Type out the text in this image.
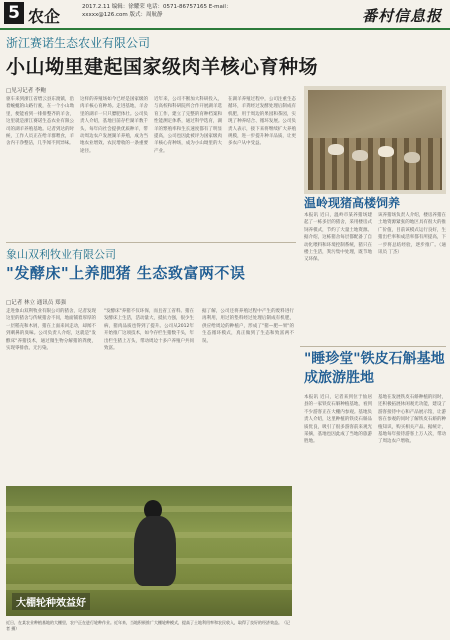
5 农企	2017.2.11 编辑：徐耀荣 电话：0571-86757165 E-mail：xxxxx@126.com 版式：周航静	番村信息报
浙江赛诺生态农业有限公司
小山坳里建起国家级肉羊核心育种场
□见习记者 李鲍
驱车来到浙江省缙云县东渡镇，沿着蜿蜒的山路行驶，在一个小山坳里，便能看到一排排整齐的羊舍，这里就是浙江赛诺生态农业有限公司的湖羊养殖基地。记者到达的时候，工作人员正在给羊群喂食，羊舍内干净整洁，几乎闻不到异味。
这样的养殖场如今已经是国家级的肉羊核心育种场。走进基地，羊舍里的湖羊一只只膘肥体壮。公司负责人介绍，基地目前存栏湖羊数千头，每年向社会提供优质种羊，带动周边农户发展湖羊养殖，成为当地农业增效、农民增收的一条重要途径。
近年来，公司不断加大科研投入，与高校和科研院所合作开展湖羊选育工作，建立了完整的育种档案和性能测定体系，通过科学选育，湖羊的繁殖率和生长速度都有了明显提高，公司也因此被评为国家级肉羊核心育种场，成为小山坳里的大产业。
在湖羊养殖过程中，公司注重生态循环，羊粪经过发酵处理后制成有机肥，用于周边的果园和茶园，实现了种养结合、循环发展。公司负责人表示，接下来将继续扩大养殖规模，进一步提升种羊品质，让更多农户从中受益。
温岭现猪高楼饲养
本报讯 近日，温岭市某养猪场建起了一栋多层的猪舍，采用楼房式饲养模式，节约了大量土地资源。据介绍，这栋猪舍每层都配备了自动化喂料和环境控制系统，猪只在楼上生活，粪污集中处理，既节地又环保。
该养猪场负责人介绍，楼房养猪在土地资源紧张的地区具有很大的推广价值，目前该模式运行良好，生猪出栏率和成活率都有所提高，下一步将总结经验，逐步推广。（通讯员 丁杰）
象山双利牧业有限公司
"发酵床"上养肥猪 生态致富两不误
□记者 林立 通讯员 郑强
走进象山双利牧业有限公司的猪舍，记者发现这里的猪舍与传统猪舍不同，地面铺着厚厚的一层稻壳和木屑，猪在上面来回走动，却闻不到刺鼻的臭味。公司负责人介绍，这就是"发酵床"养猪技术，通过微生物分解猪的粪便，实现零排放、无污染。
"发酵床"养猪不仅环保，而且省工省料。猪在发酵床上生活，活动量大，抵抗力强，很少生病，猪肉品质也得到了提升。公司从2012年开始推广这项技术，如今存栏生猪数千头，年出栏生猪上万头，带动周边十多户养殖户共同致富。
据了解，公司还将养殖过程中产生的废料进行再利用，用过的垫料经过处理后制成有机肥，供应给周边的种植户，形成了"猪—肥—果"的生态循环模式，真正做到了生态和致富两不误。
"睡珍堂"铁皮石斛基地成旅游胜地
本报讯 近日，记者来到位于仙居县的一家铁皮石斛种植基地，看到不少游客正在大棚内参观。基地负责人介绍，这里种植的铁皮石斛品质优良，吸引了很多游客前来观光采摘，基地也因此成了当地的旅游胜地。
基地在发展铁皮石斛种植的同时，还积极拓展休闲观光功能，建设了游客接待中心和产品展示馆，让游客在参观的同时了解铁皮石斛的种植知识，购买相关产品。据统计，基地每年接待游客上万人次，带动了周边农户增收。
大棚轮种效益好
近日，在某农业种植基地的大棚里，农户正在进行轮种作业。近年来，当地积极推广大棚轮种模式，提高了土地利用率和农民收入，取得了良好的经济效益。（记者 摄）
